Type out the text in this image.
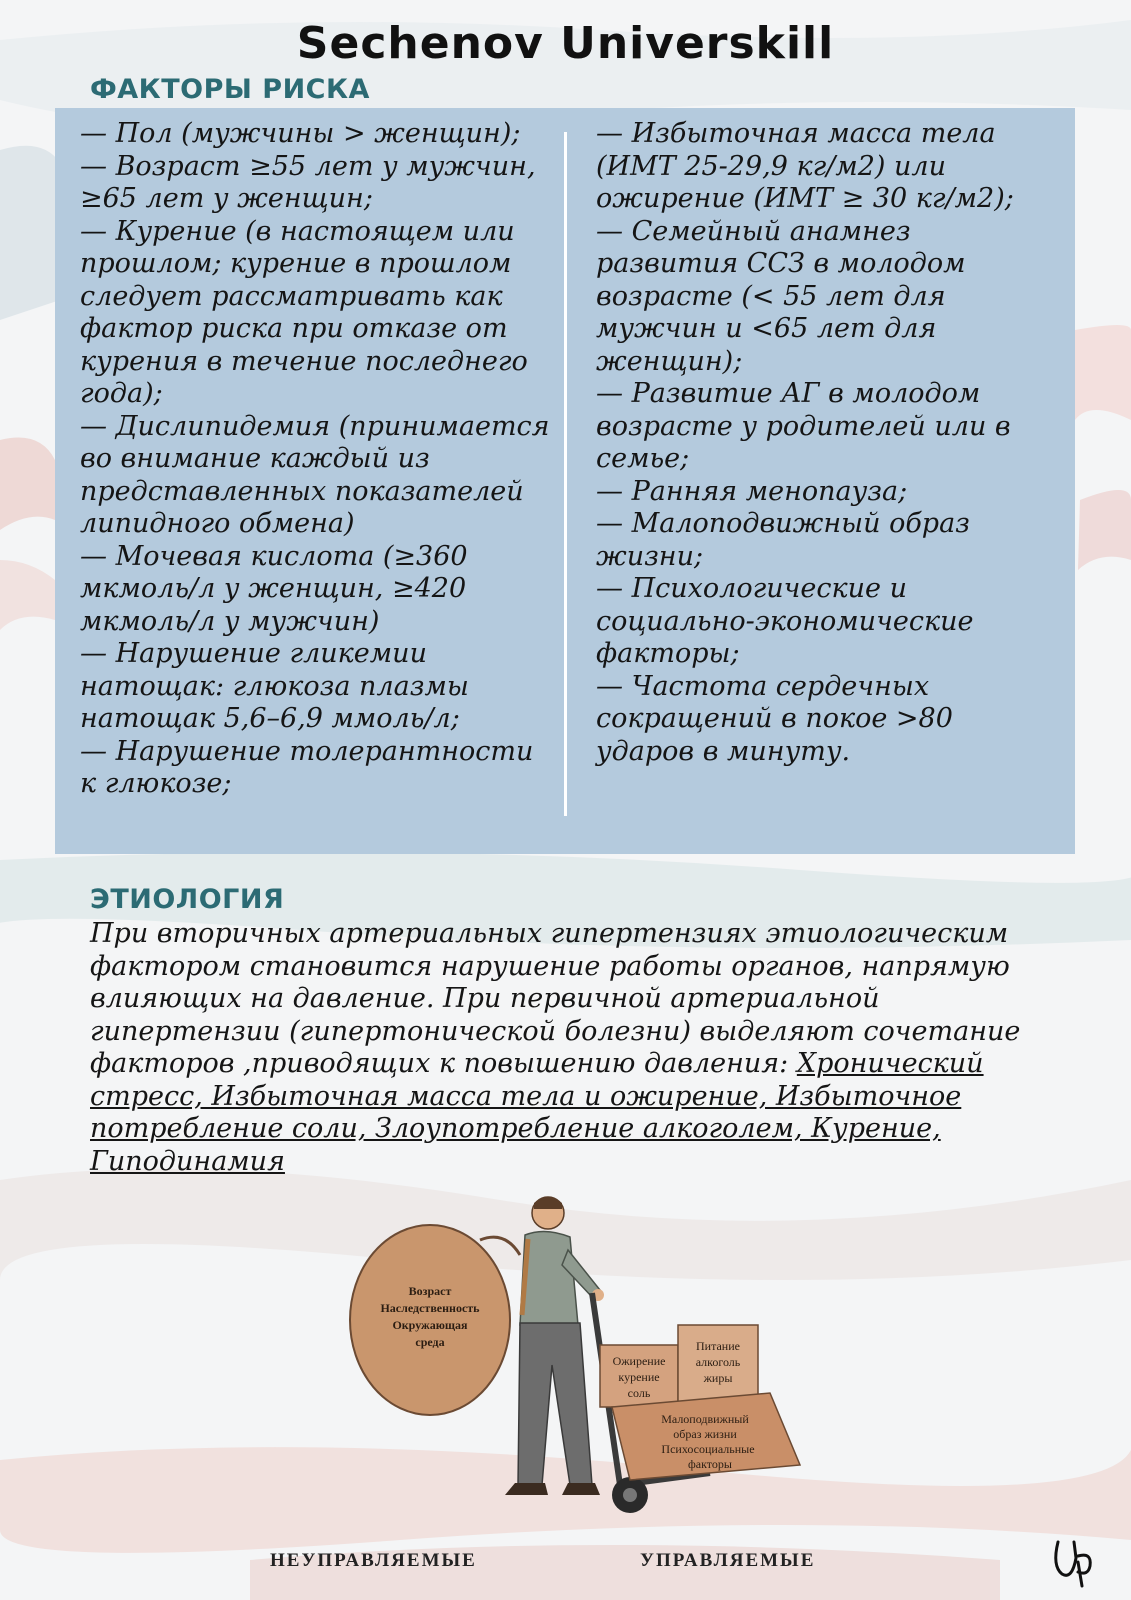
Sechenov Universkill
ФАКТОРЫ РИСКА
— Пол (мужчины > женщин);
— Возраст ≥55 лет у мужчин, ≥65 лет у женщин;
— Курение (в настоящем или прошлом; курение в прошлом следует рассматривать как фактор риска при отказе от курения в течение последнего года);
— Дислипидемия (принимается во внимание каждый из представленных показателей липидного обмена)
— Мочевая кислота (≥360 мкмоль/л у женщин, ≥420 мкмоль/л у мужчин)
— Нарушение гликемии натощак: глюкоза плазмы натощак 5,6–6,9 ммоль/л;
— Нарушение толерантности к глюкозе;
— Избыточная масса тела (ИМТ 25-29,9 кг/м2) или ожирение (ИМТ ≥ 30 кг/м2);
— Семейный анамнез развития ССЗ в молодом возрасте (< 55 лет для мужчин и <65 лет для женщин);
— Развитие АГ в молодом возрасте у родителей или в семье;
— Ранняя менопауза;
— Малоподвижный образ жизни;
— Психологические и социально-экономические факторы;
— Частота сердечных сокращений в покое >80 ударов в минуту.
ЭТИОЛОГИЯ
При вторичных артериальных гипертензиях этиологическим фактором становится нарушение работы органов, напрямую влияющих на давление. При первичной артериальной гипертензии (гипертонической болезни) выделяют сочетание факторов ,приводящих к повышению давления: Хронический стресс, Избыточная масса тела и ожирение, Избыточное потребление соли, Злоупотребление алкоголем, Курение, Гиподинамия
Возраст
Наследственность
Окружающая
среда
Ожирение
курение
соль
Питание
алкоголь
жиры
Малоподвижный
образ жизни
Психосоциальные
факторы
НЕУПРАВЛЯЕМЫЕ	УПРАВЛЯЕМЫЕ
